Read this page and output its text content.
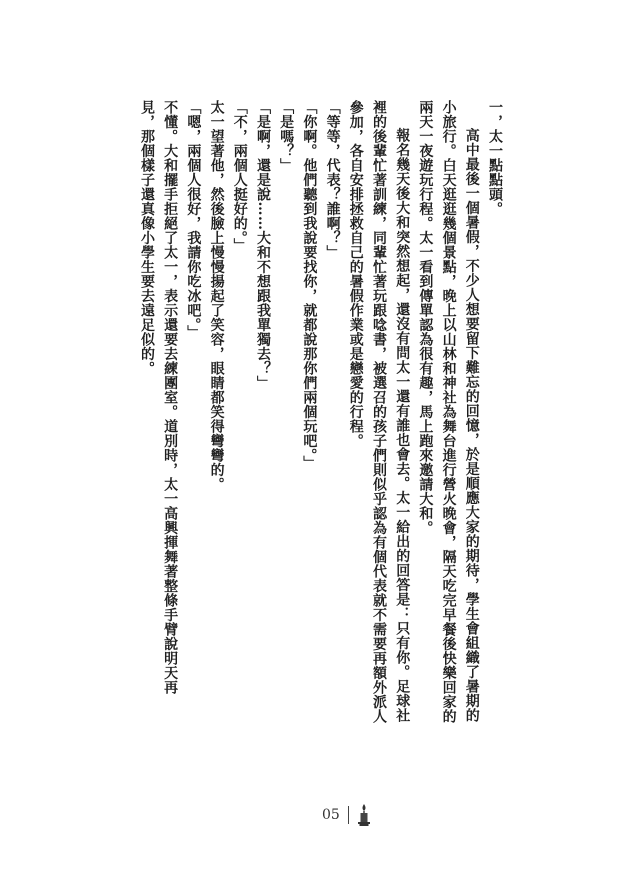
一，太一點點頭。

高中最後一個暑假，不少人想要留下難忘的回憶，於是順應大家的期待，學生會組織了暑期的

小旅行。白天逛逛幾個景點，晚上以山林和神社為舞台進行營火晚會，隔天吃完早餐後快樂回家的

兩天一夜遊玩行程。太一看到傳單認為很有趣，馬上跑來邀請大和。

報名幾天後大和突然想起，還沒有問太一還有誰也會去。太一給出的回答是：只有你。足球社

裡的後輩忙著訓練，同輩忙著玩跟唸書，被選召的孩子們則似乎認為有個代表就不需要再額外派人

參加，各自安排拯救自己的暑假作業或是戀愛的行程。

「等等，代表？誰啊？」

「你啊。他們聽到我說要找你，就都說那你們兩個玩吧。」

「是嗎？」

「是啊，還是說……大和不想跟我單獨去？」

「不，兩個人挺好的。」

太一望著他，然後臉上慢慢揚起了笑容，眼睛都笑得彎彎的。

「嗯，兩個人很好，我請你吃冰吧。」

不懂。大和擺手拒絕了太一，表示還要去練團室。道別時，太一高興揮舞著整條手臂說明天再

見，那個樣子還真像小學生要去遠足似的。

05
